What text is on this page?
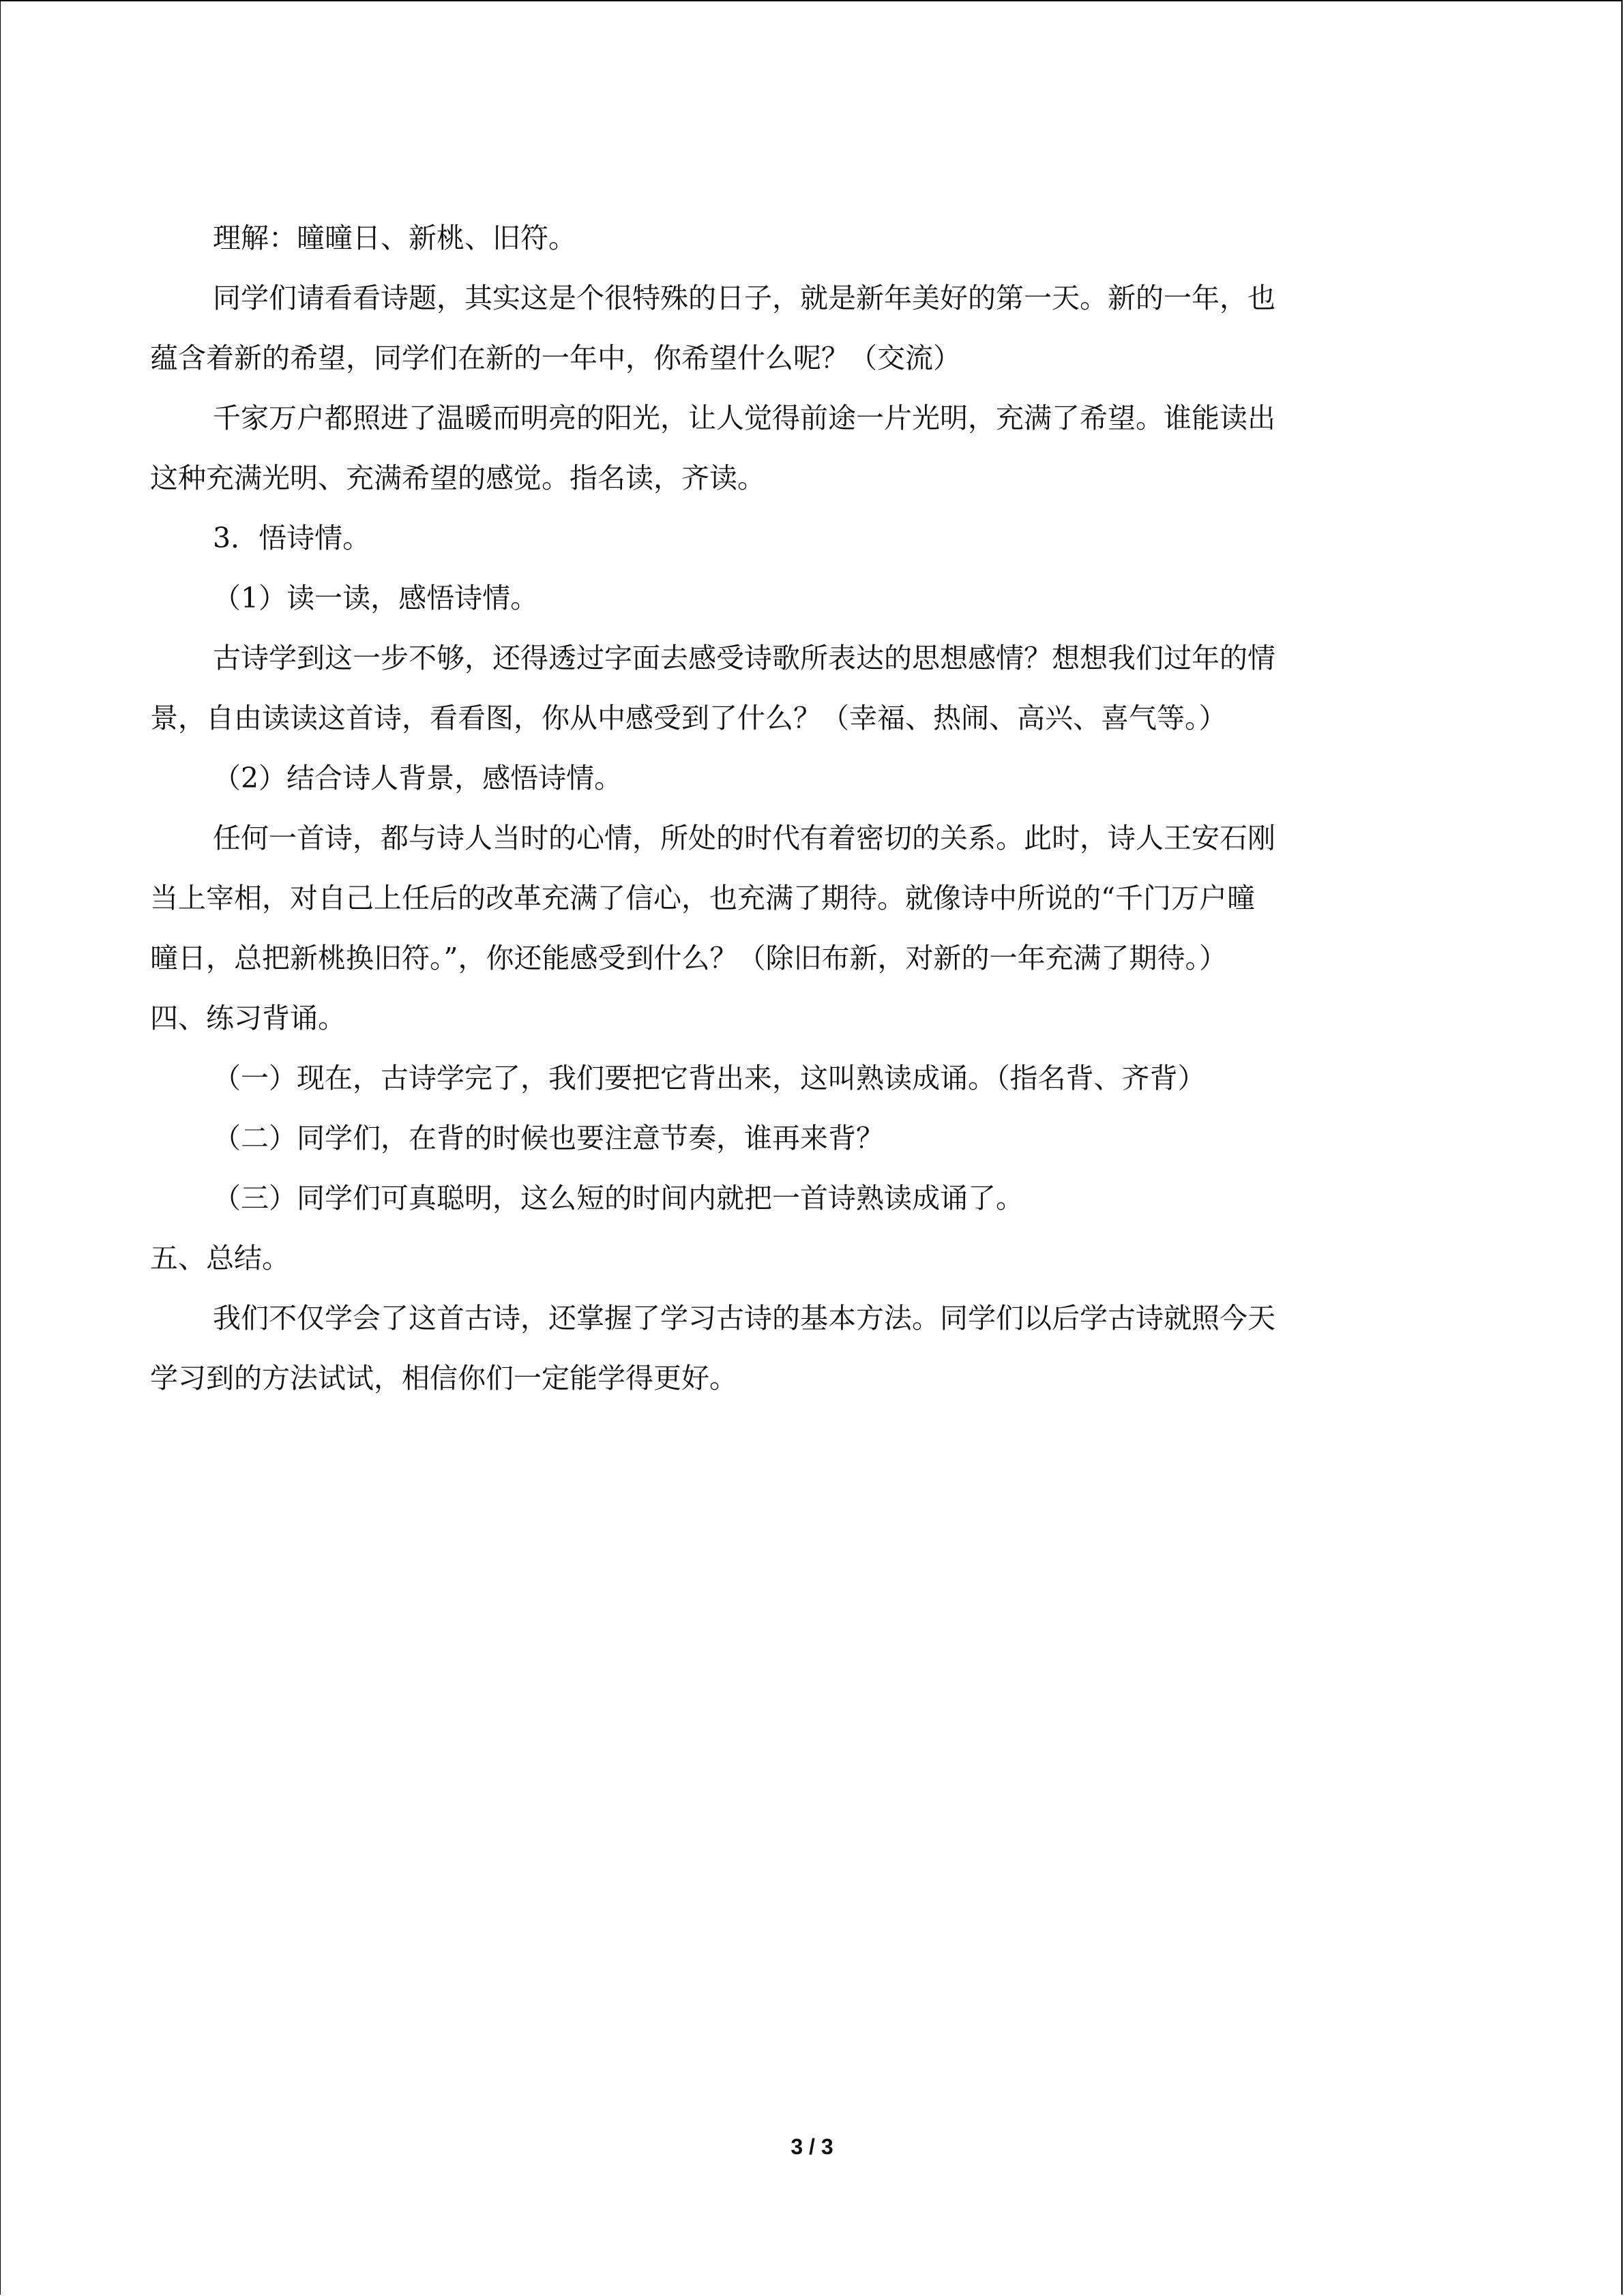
理解：曈曈日、新桃、旧符。

同学们请看看诗题，其实这是个很特殊的日子，就是新年美好的第一天。新的一年，也

蕴含着新的希望，同学们在新的一年中，你希望什么呢？（交流）

千家万户都照进了温暖而明亮的阳光，让人觉得前途一片光明，充满了希望。谁能读出

这种充满光明、充满希望的感觉。指名读，齐读。

3．悟诗情。

（1）读一读，感悟诗情。

古诗学到这一步不够，还得透过字面去感受诗歌所表达的思想感情？想想我们过年的情

景，自由读读这首诗，看看图，你从中感受到了什么？（幸福、热闹、高兴、喜气等。）

（2）结合诗人背景，感悟诗情。

任何一首诗，都与诗人当时的心情，所处的时代有着密切的关系。此时，诗人王安石刚

当上宰相，对自己上任后的改革充满了信心，也充满了期待。就像诗中所说的“千门万户曈

曈日，总把新桃换旧符。”，你还能感受到什么？（除旧布新，对新的一年充满了期待。）

四、练习背诵。

（一）现在，古诗学完了，我们要把它背出来，这叫熟读成诵。（指名背、齐背）

（二）同学们，在背的时候也要注意节奏，谁再来背？

（三）同学们可真聪明，这么短的时间内就把一首诗熟读成诵了。

五、总结。

我们不仅学会了这首古诗，还掌握了学习古诗的基本方法。同学们以后学古诗就照今天

学习到的方法试试，相信你们一定能学得更好。

3 / 3
